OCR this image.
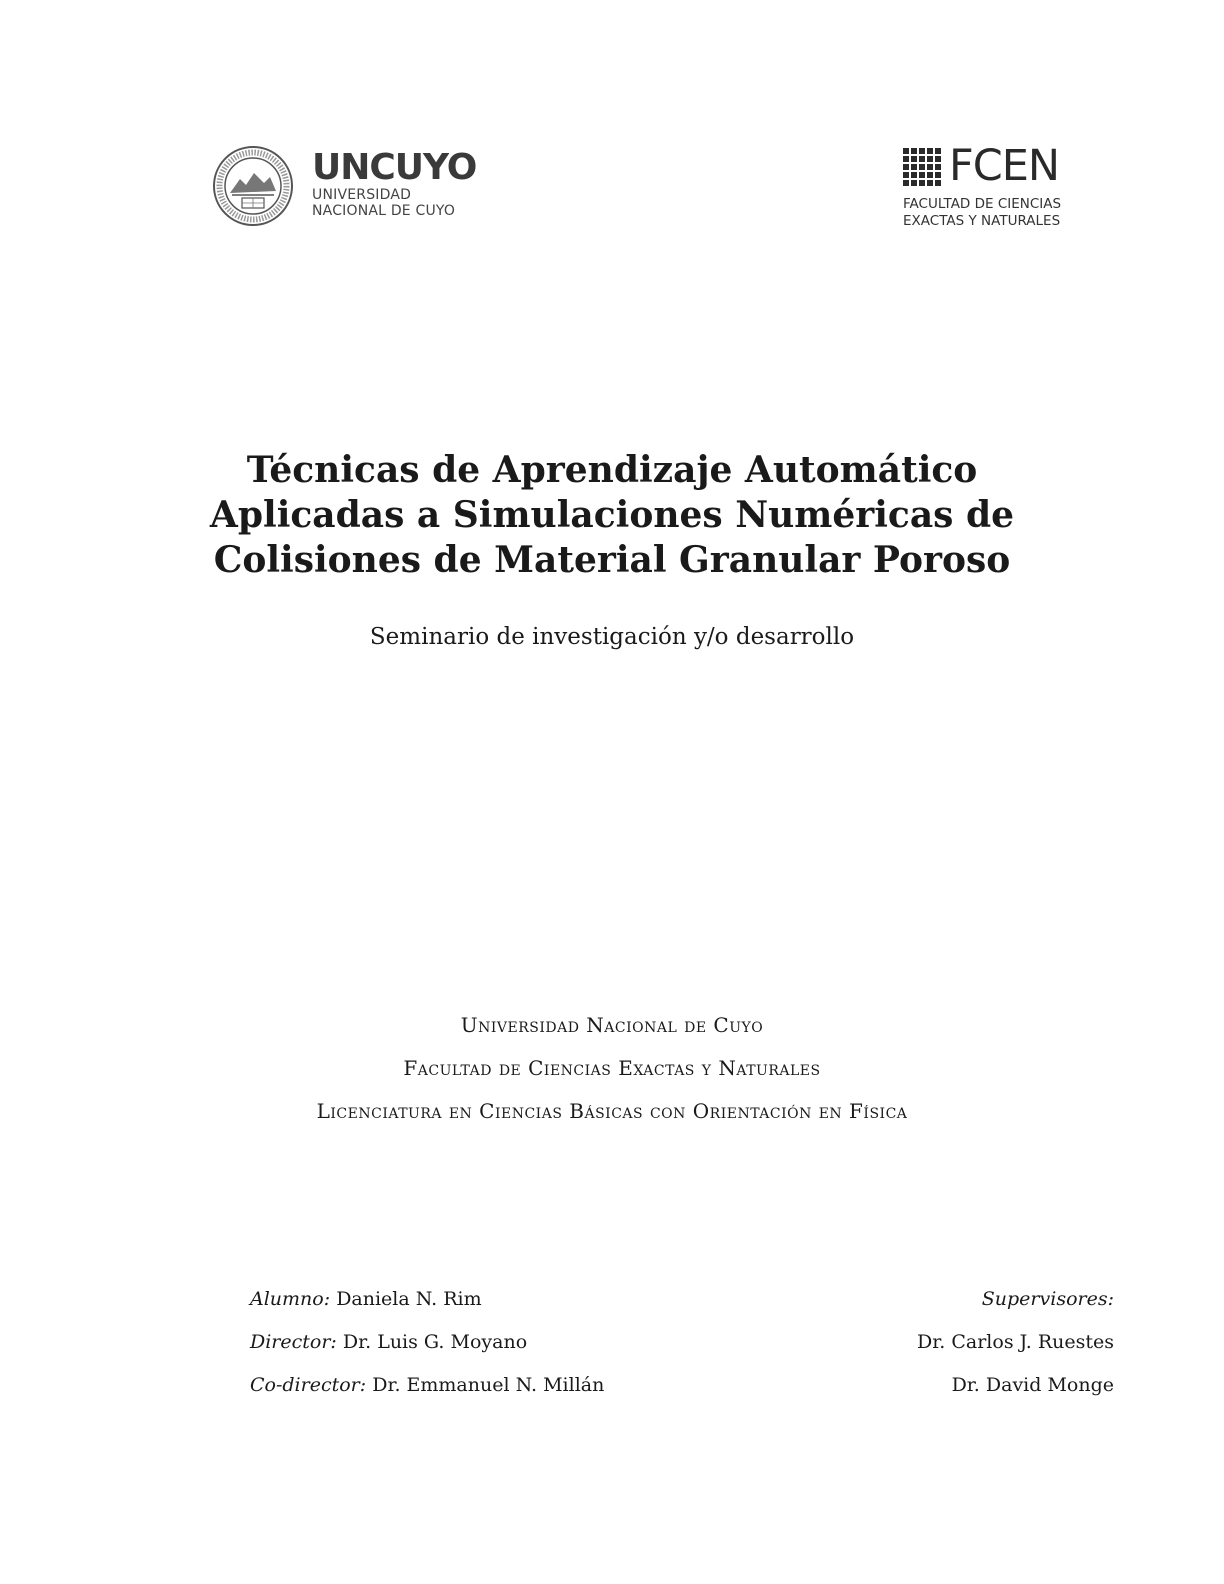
UNCUYO
UNIVERSIDAD
NACIONAL DE CUYO
FCEN
FACULTAD DE CIENCIAS
EXACTAS Y NATURALES
Técnicas de Aprendizaje Automático
Aplicadas a Simulaciones Numéricas de
Colisiones de Material Granular Poroso
Seminario de investigación y/o desarrollo
Universidad Nacional de Cuyo
Facultad de Ciencias Exactas y Naturales
Licenciatura en Ciencias Básicas con Orientación en Física
Alumno: Daniela N. Rim
Director: Dr. Luis G. Moyano
Co-director: Dr. Emmanuel N. Millán
Supervisores:
Dr. Carlos J. Ruestes
Dr. David Monge
